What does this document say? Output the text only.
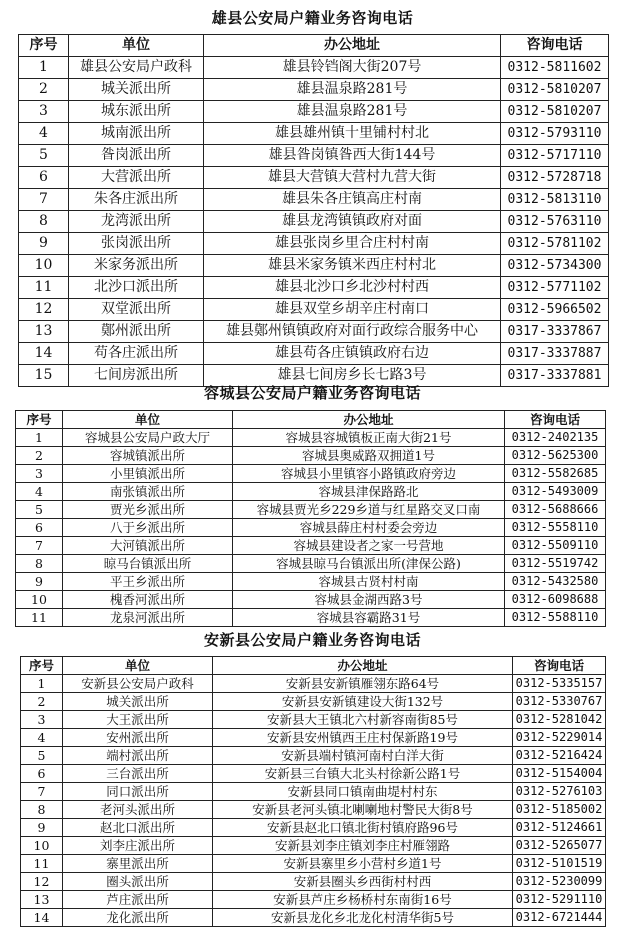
雄县公安局户籍业务咨询电话
序号	单位	办公地址	咨询电话
1	雄县公安局户政科	雄县铃铛阁大街207号	0312-5811602
2	城关派出所	雄县温泉路281号	0312-5810207
3	城东派出所	雄县温泉路281号	0312-5810207
4	城南派出所	雄县雄州镇十里铺村村北	0312-5793110
5	昝岗派出所	雄县昝岗镇昝西大街144号	0312-5717110
6	大营派出所	雄县大营镇大营村九营大街	0312-5728718
7	朱各庄派出所	雄县朱各庄镇高庄村南	0312-5813110
8	龙湾派出所	雄县龙湾镇镇政府对面	0312-5763110
9	张岗派出所	雄县张岗乡里合庄村村南	0312-5781102
10	米家务派出所	雄县米家务镇米西庄村村北	0312-5734300
11	北沙口派出所	雄县北沙口乡北沙村村西	0312-5771102
12	双堂派出所	雄县双堂乡胡辛庄村南口	0312-5966502
13	鄚州派出所	雄县鄚州镇镇政府对面行政综合服务中心	0317-3337867
14	苟各庄派出所	雄县苟各庄镇镇政府右边	0317-3337887
15	七间房派出所	雄县七间房乡长七路3号	0317-3337881
容城县公安局户籍业务咨询电话
序号	单位	办公地址	咨询电话
1	容城县公安局户政大厅	容城县容城镇板正南大街21号	0312-2402135
2	容城镇派出所	容城县奥威路双拥道1号	0312-5625300
3	小里镇派出所	容城县小里镇容小路镇政府旁边	0312-5582685
4	南张镇派出所	容城县津保路路北	0312-5493009
5	贾光乡派出所	容城县贾光乡229乡道与红星路交叉口南	0312-5688666
6	八于乡派出所	容城县薛庄村村委会旁边	0312-5558110
7	大河镇派出所	容城县建设者之家一号营地	0312-5509110
8	晾马台镇派出所	容城县晾马台镇派出所(津保公路)	0312-5519742
9	平王乡派出所	容城县古贤村村南	0312-5432580
10	槐香河派出所	容城县金湖西路3号	0312-6098688
11	龙泉河派出所	容城县容霸路31号	0312-5588110
安新县公安局户籍业务咨询电话
序号	单位	办公地址	咨询电话
1	安新县公安局户政科	安新县安新镇雁翎东路64号	0312-5335157
2	城关派出所	安新县安新镇建设大街132号	0312-5330767
3	大王派出所	安新县大王镇北六村新容南街85号	0312-5281042
4	安州派出所	安新县安州镇西王庄村保新路19号	0312-5229014
5	端村派出所	安新县端村镇河南村白洋大街	0312-5216424
6	三台派出所	安新县三台镇大北头村徐新公路1号	0312-5154004
7	同口派出所	安新县同口镇南曲堤村村东	0312-5276103
8	老河头派出所	安新县老河头镇北喇喇地村警民大街8号	0312-5185002
9	赵北口派出所	安新县赵北口镇北街村镇府路96号	0312-5124661
10	刘李庄派出所	安新县刘李庄镇刘李庄村雁翎路	0312-5265077
11	寨里派出所	安新县寨里乡小营村乡道1号	0312-5101519
12	圈头派出所	安新县圈头乡西街村村西	0312-5230099
13	芦庄派出所	安新县芦庄乡杨桥村东南街16号	0312-5291110
14	龙化派出所	安新县龙化乡北龙化村清华街5号	0312-6721444
